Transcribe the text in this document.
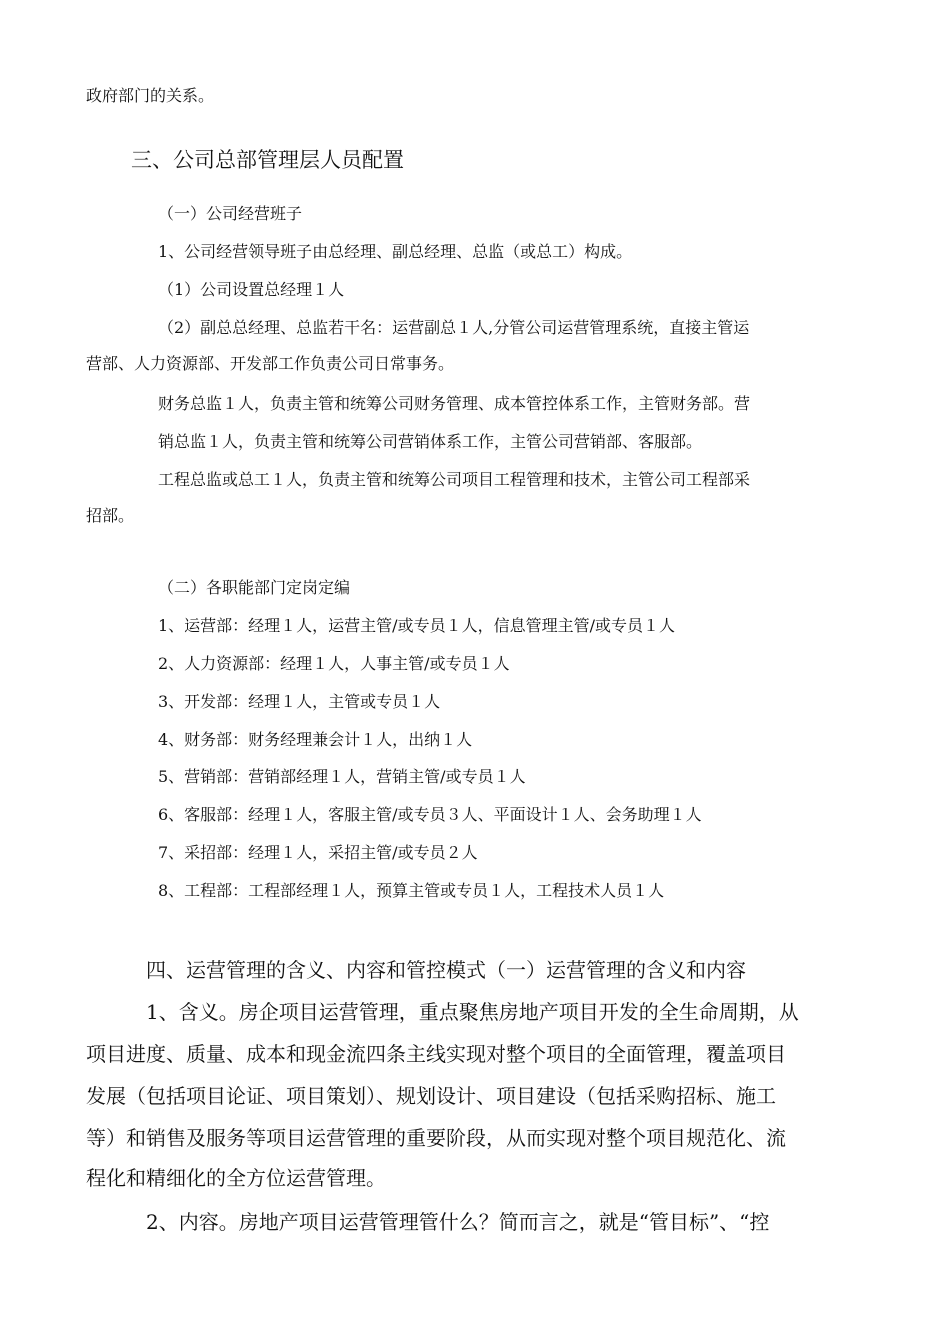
政府部门的关系。
三、公司总部管理层人员配置
（一）公司经营班子
1、公司经营领导班子由总经理、副总经理、总监（或总工）构成。
（1）公司设置总经理１人
（2）副总总经理、总监若干名：运营副总１人,分管公司运营管理系统，直接主管运
营部、人力资源部、开发部工作负责公司日常事务。
财务总监１人，负责主管和统筹公司财务管理、成本管控体系工作，主管财务部。营
销总监１人，负责主管和统筹公司营销体系工作，主管公司营销部、客服部。
工程总监或总工１人，负责主管和统筹公司项目工程管理和技术，主管公司工程部采
招部。
（二）各职能部门定岗定编
1、运营部：经理１人，运营主管/或专员１人，信息管理主管/或专员１人
2、人力资源部：经理１人，人事主管/或专员１人
3、开发部：经理１人，主管或专员１人
4、财务部：财务经理兼会计１人，出纳１人
5、营销部：营销部经理１人，营销主管/或专员１人
6、客服部：经理１人，客服主管/或专员３人、平面设计１人、会务助理１人
7、采招部：经理１人，采招主管/或专员２人
8、工程部：工程部经理１人，预算主管或专员１人，工程技术人员１人
四、运营管理的含义、内容和管控模式（一）运营管理的含义和内容
1、含义。房企项目运营管理，重点聚焦房地产项目开发的全生命周期，从
项目进度、质量、成本和现金流四条主线实现对整个项目的全面管理，覆盖项目
发展（包括项目论证、项目策划）、规划设计、项目建设（包括采购招标、施工
等）和销售及服务等项目运营管理的重要阶段，从而实现对整个项目规范化、流
程化和精细化的全方位运营管理。
2、内容。房地产项目运营管理管什么？简而言之，就是“管目标”、“控
